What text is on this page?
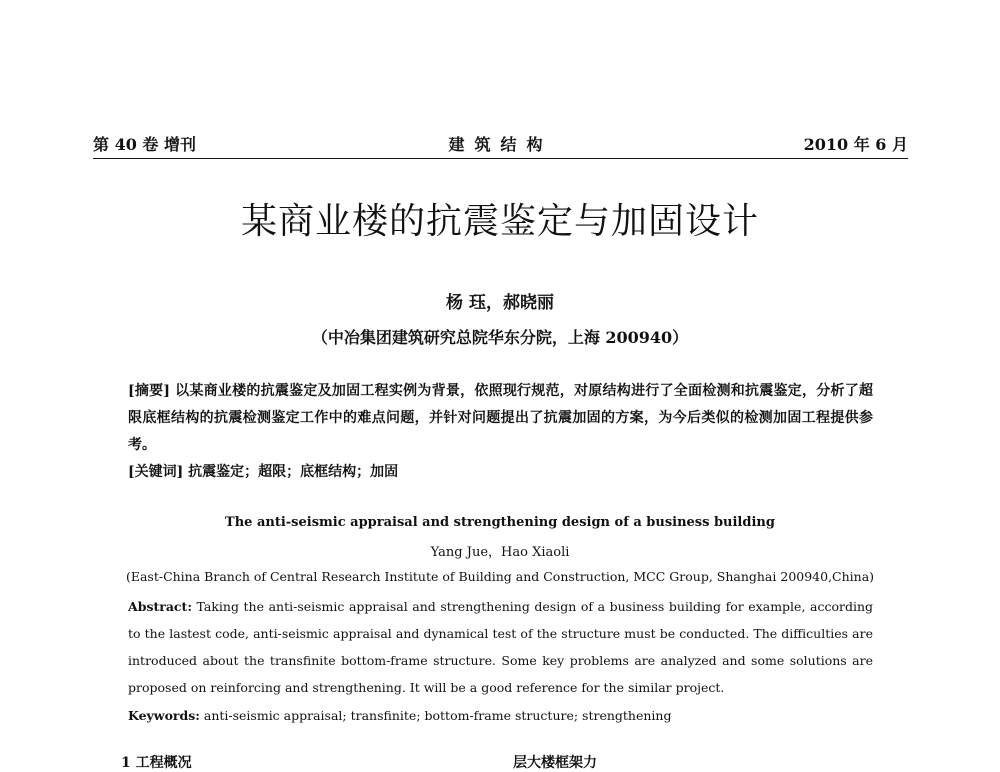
第 40 卷 增刊	建筑结构	2010 年 6 月
某商业楼的抗震鉴定与加固设计
杨 珏，郝晓丽
（中冶集团建筑研究总院华东分院，上海 200940）
[摘要] 以某商业楼的抗震鉴定及加固工程实例为背景，依照现行规范，对原结构进行了全面检测和抗震鉴定，分析了超限底框结构的抗震检测鉴定工作中的难点问题，并针对问题提出了抗震加固的方案，为今后类似的检测加固工程提供参考。
[关键词] 抗震鉴定；超限；底框结构；加固
The anti-seismic appraisal and strengthening design of a business building
Yang Jue，Hao Xiaoli
(East-China Branch of Central Research Institute of Building and Construction, MCC Group, Shanghai 200940,China)
Abstract: Taking the anti-seismic appraisal and strengthening design of a business building for example, according to the lastest code, anti-seismic appraisal and dynamical test of the structure must be conducted. The difficulties are introduced about the transfinite bottom-frame structure. Some key problems are analyzed and some solutions are proposed on reinforcing and strengthening. It will be a good reference for the similar project.
Keywords: anti-seismic appraisal; transfinite; bottom-frame structure; strengthening
1 工程概况	层大楼框架力
